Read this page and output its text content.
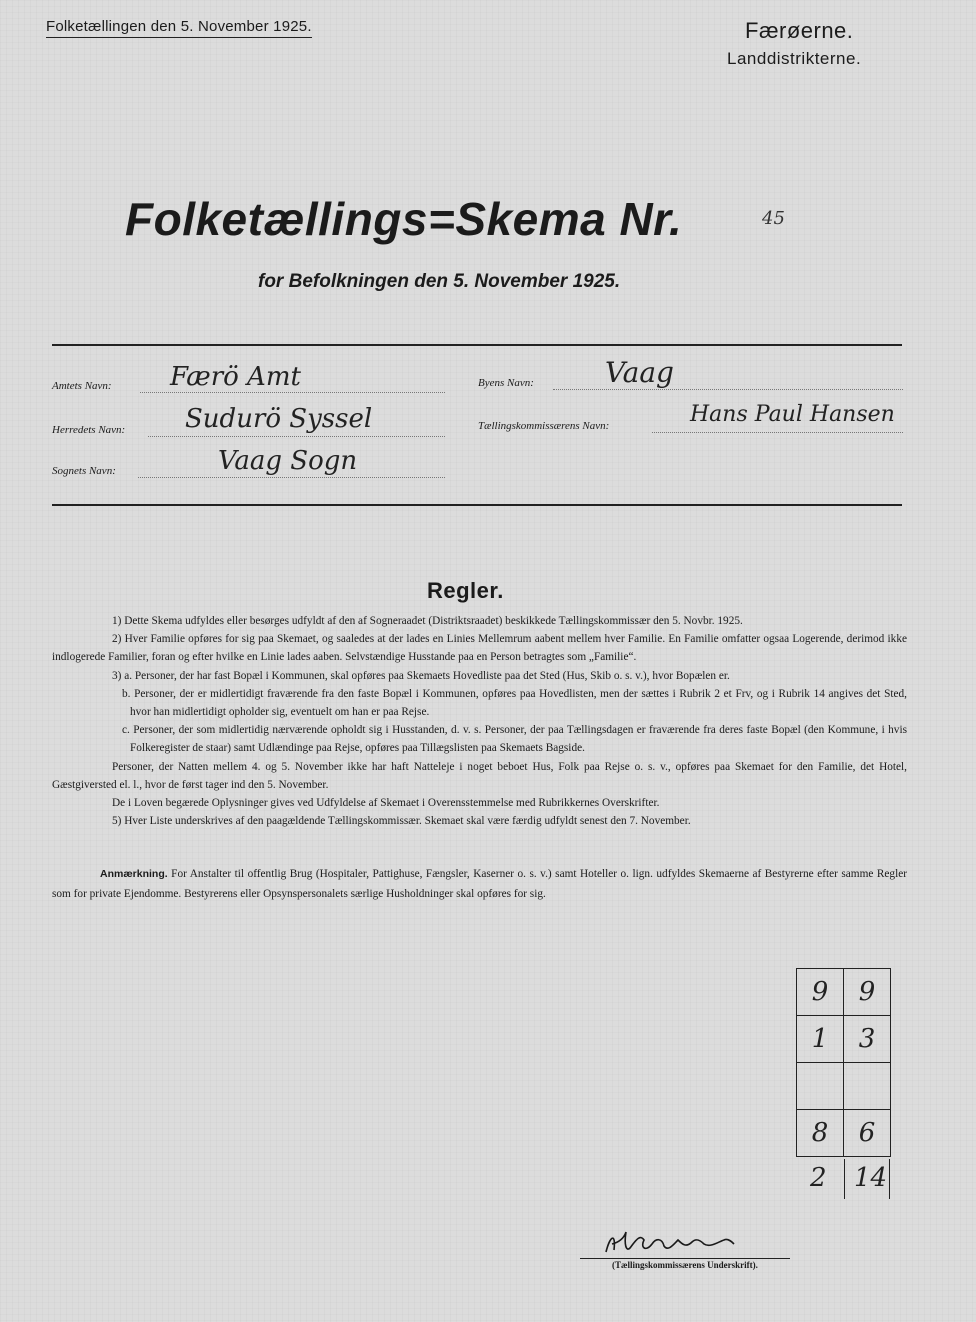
Folketællingen den 5. November 1925.	Færøerne.
Landdistrikterne.
Folketællings=Skema Nr.	45
for Befolkningen den 5. November 1925.
Amtets Navn: Færö Amt
Herredets Navn: Sudurö Syssel
Sognets Navn:	Vaag Sogn
Byens Navn:	Vaag
Tællingskommissærens Navn:	Hans Paul Hansen
Regler.

1) Dette Skema udfyldes eller besørges udfyldt af den af Sogneraadet (Distriktsraadet) beskikkede Tællingskommissær den 5. Novbr. 1925.

2) Hver Familie opføres for sig paa Skemaet, og saaledes at der lades en Linies Mellemrum aabent mellem hver Familie. En Familie omfatter ogsaa Logerende, derimod ikke indlogerede Familier, foran og efter hvilke en Linie lades aaben. Selvstændige Husstande paa en Person betragtes som „Familie“.

3) a. Personer, der har fast Bopæl i Kommunen, skal opføres paa Skemaets Hovedliste paa det Sted (Hus, Skib o. s. v.), hvor Bopælen er.

b. Personer, der er midlertidigt fraværende fra den faste Bopæl i Kommunen, opføres paa Hovedlisten, men der sættes i Rubrik 2 et Frv, og i Rubrik 14 angives det Sted, hvor han midlertidigt opholder sig, eventuelt om han er paa Rejse.

c. Personer, der som midlertidig nærværende opholdt sig i Husstanden, d. v. s. Personer, der paa Tællingsdagen er fraværende fra deres faste Bopæl (den Kommune, i hvis Folkeregister de staar) samt Udlændinge paa Rejse, opføres paa Tillægslisten paa Skemaets Bagside.

Personer, der Natten mellem 4. og 5. November ikke har haft Natteleje i noget beboet Hus, Folk paa Rejse o. s. v., opføres paa Skemaet for den Familie, det Hotel, Gæstgiversted el. l., hvor de først tager ind den 5. November.

De i Loven begærede Oplysninger gives ved Udfyldelse af Skemaet i Overensstemmelse med Rubrikkernes Overskrifter.

5) Hver Liste underskrives af den paagældende Tællingskommissær. Skemaet skal være færdig udfyldt senest den 7. November.

Anmærkning. For Anstalter til offentlig Brug (Hospitaler, Pattighuse, Fængsler, Kaserner o. s. v.) samt Hoteller o. lign. udfyldes Skemaerne af Bestyrerne efter samme Regler som for private Ejendomme. Bestyrerens eller Opsynspersonalets særlige Husholdninger skal opføres for sig.
9	9
1	3

8	6
2 14
(Tællingskommissærens Underskrift).
